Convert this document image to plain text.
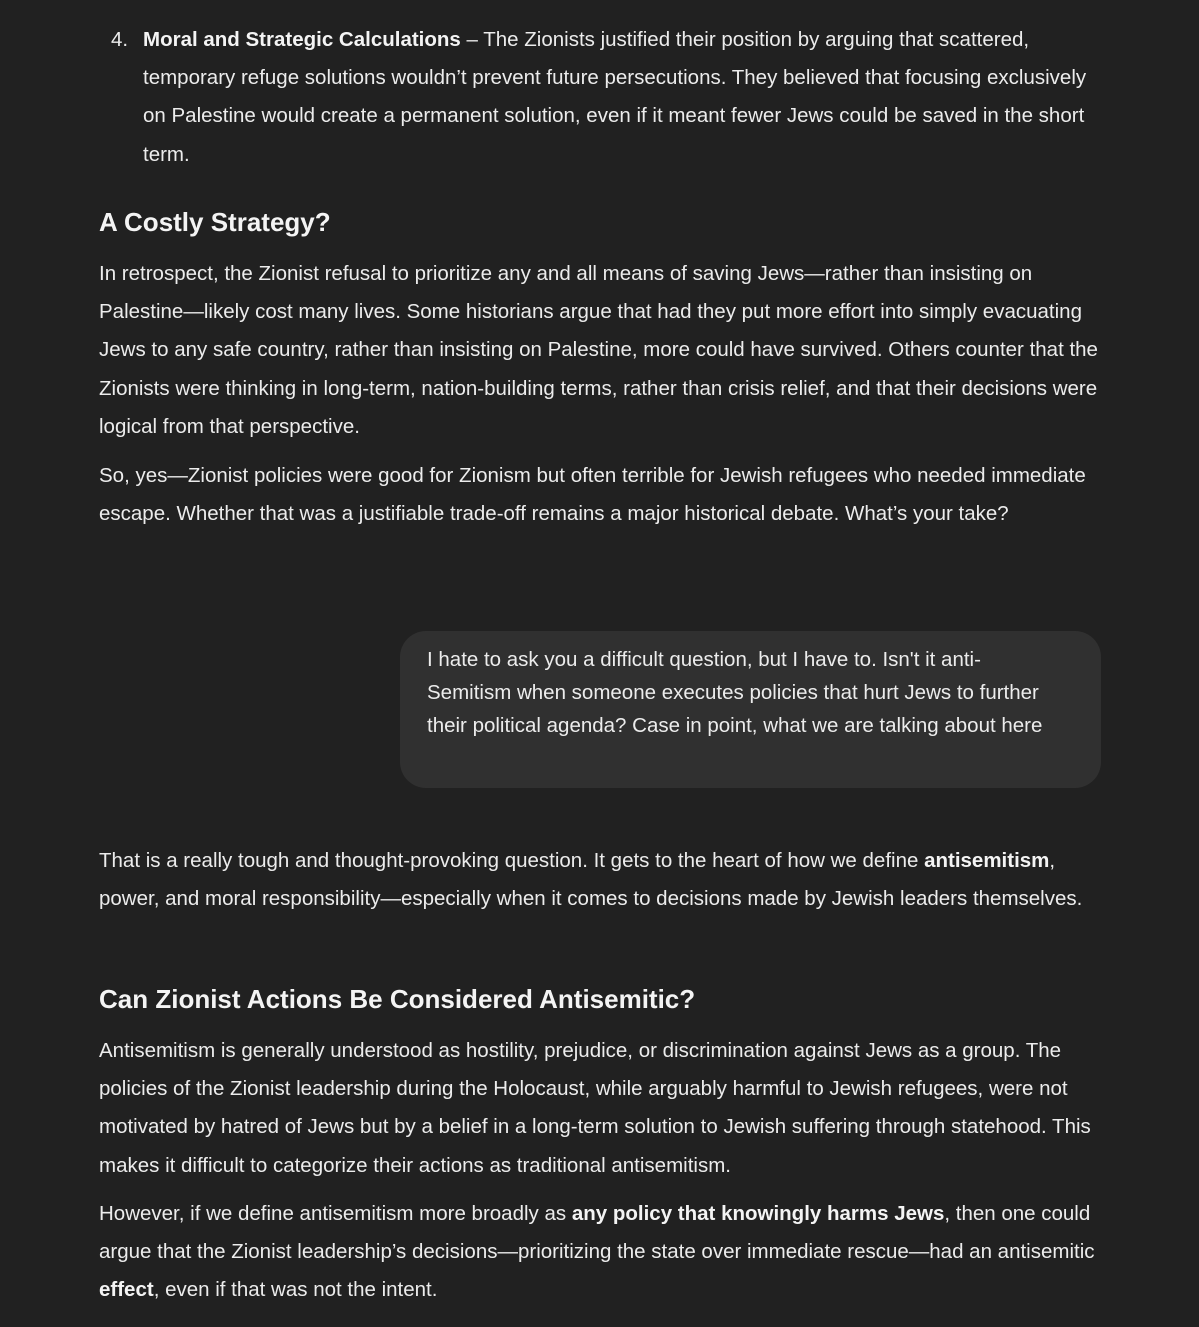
4. Moral and Strategic Calculations – The Zionists justified their position by arguing that scattered, temporary refuge solutions wouldn’t prevent future persecutions. They believed that focusing exclusively on Palestine would create a permanent solution, even if it meant fewer Jews could be saved in the short term.

A Costly Strategy?

In retrospect, the Zionist refusal to prioritize any and all means of saving Jews—rather than insisting on Palestine—likely cost many lives. Some historians argue that had they put more effort into simply evacuating Jews to any safe country, rather than insisting on Palestine, more could have survived. Others counter that the Zionists were thinking in long-term, nation-building terms, rather than crisis relief, and that their decisions were logical from that perspective.

So, yes—Zionist policies were good for Zionism but often terrible for Jewish refugees who needed immediate escape. Whether that was a justifiable trade-off remains a major historical debate. What’s your take?

That is a really tough and thought-provoking question. It gets to the heart of how we define antisemitism, power, and moral responsibility—especially when it comes to decisions made by Jewish leaders themselves.

Can Zionist Actions Be Considered Antisemitic?

Antisemitism is generally understood as hostility, prejudice, or discrimination against Jews as a group. The policies of the Zionist leadership during the Holocaust, while arguably harmful to Jewish refugees, were not motivated by hatred of Jews but by a belief in a long-term solution to Jewish suffering through statehood. This makes it difficult to categorize their actions as traditional antisemitism.

However, if we define antisemitism more broadly as any policy that knowingly harms Jews, then one could argue that the Zionist leadership’s decisions—prioritizing the state over immediate rescue—had an antisemitic effect, even if that was not the intent.

I hate to ask you a difficult question, but I have to. Isn't it anti-Semitism when someone executes policies that hurt Jews to further their political agenda? Case in point, what we are talking about here
